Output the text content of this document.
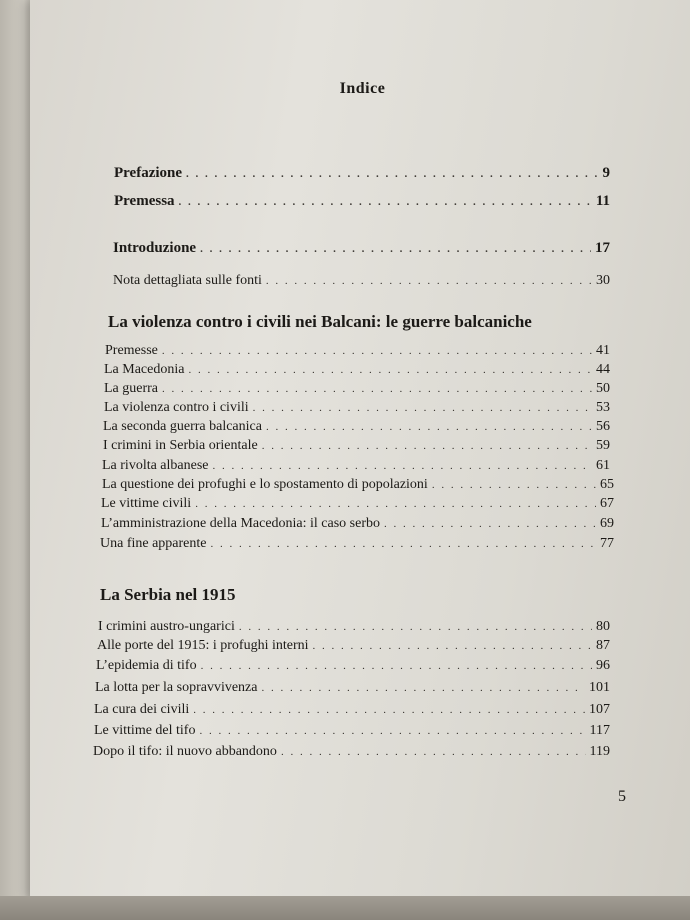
Indice
Prefazione . . .	9
Premessa . . .	11
Introduzione . . .	17
Nota dettagliata sulle fonti . . .	30
La violenza contro i civili nei Balcani: le guerre balcaniche
Premesse . . .	41
La Macedonia . . .	44
La guerra . . .	50
La violenza contro i civili . . .	53
La seconda guerra balcanica . . .	56
I crimini in Serbia orientale . . .	59
La rivolta albanese . . .	61
La questione dei profughi e lo spostamento di popolazioni . . .	65
Le vittime civili . . .	67
L’amministrazione della Macedonia: il caso serbo . . .	69
Una fine apparente . . .	77
La Serbia nel 1915
I crimini austro-ungarici . . .	80
Alle porte del 1915: i profughi interni . . .	87
L’epidemia di tifo . . .	96
La lotta per la sopravvivenza . . .	101
La cura dei civili . . .	107
Le vittime del tifo . . .	117
Dopo il tifo: il nuovo abbandono . . .	119
5
